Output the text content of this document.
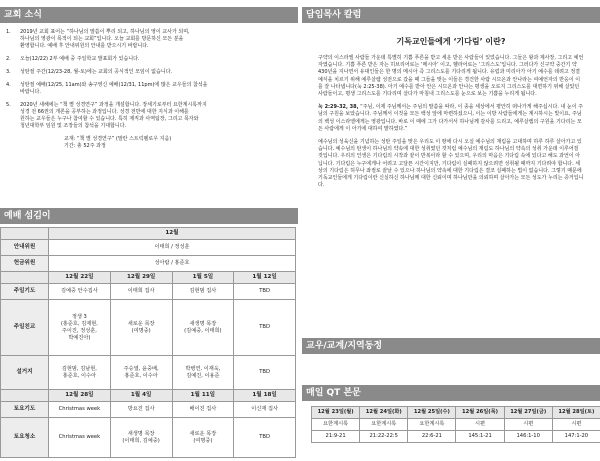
교회 소식
1.	2019년 교회 표어는 “하나님의 말씀이 뿌리 되고, 하나님의 영이 교사가 되며,
하나님의 영광이 목적이 되는 교회”입니다. 오늘 교회를 방문하신 모든 분을
환영합니다. 예배 후 안내위원의 안내를 받으시기 바랍니다.
2.	오늘(12/22) 2부 예배 중 주일학교 발표회가 있습니다.
3.	성탄절 주간(12/23-28, 월-토)에는 교회의 공식적인 모임이 없습니다.
4.	성탄절 예배(12/25, 11am)와 송구영신 예배(12/31, 11pm)에 많은 교우들의 참석을
바랍니다.
5.	2020년 새해에는 “책 별 성경연구” 과정을 개설합니다. 장세기로부터 요한계시록까지
성경 전 66권의 개론을 공부하는 과정입니다. 성경 전반에 대한 지식과 이해를
원하는 교우들은 누구나 참여할 수 있습니다. 특히 제직과 사역팀장, 그리고 목자와
청년대학부 임원 및 조장들의 참석을 기대합니다.
교재: “책 별 성경연구” (말란 스트릭펠로우 지음)
기간: 총 52주 과정
예배 섬김이
	12월			
안내위원	이태희 / 정성훈			
헌금위원	성아람 / 홍준호			
	12월 22일	12월 29일	1월 5일	1월 12일
주일기도	김예중 안수집사	이태희 집사	김현범 집사	TBD
주일친교	정생 3
(홍준호, 김재현,
주이진, 정성훈,
박예진아)	새로운 목장
(여명중)	새생명 목장
(김예중, 이태희)	TBD
설거지	김현범, 김남현,
홍준호, 이수아	주승열, 윤중배,
홍준호, 이수아	박병연, 이재욱,
김예진, 이용준	TBD
	12월 28일	1월 4일	1월 11일	1월 18일
토요기도	Christmas week	방요진 집사	배이진 집사	이신재 집사
토요청소	Christmas week	새생명 목장
(이태희, 김예중)	새로운 목장
(여명중)	TBD
담임목사 칼럼
기독교인들에게 ‘기다림’ 이란?

구약의 이스라엘 사람들 가운데 특별히 기쁨 푸른을 받고 세운 받은 사람들이 있었습니다. 그들은 왕과 제사장, 그리고 예언자였습니다. 기쁨 푸른 받은 자는 히브리어로는 ‘메시아’ 이고, 헬라어로는 ‘그리스도’입니다. 그러다가 신구약 중간기 약 430년을 지나면서 유대인들은 한 명의 메시아 즉 그리스도를 기다리게 됩니다. 유럽과 미리아가 아기 예수를 데려고 정결예식을 치르기 위해 예루살렘 성전으로 갔을 때 그들을 맞는 이들은 경건한 사람 시므온과 안나라는 여예언자의 반응이 이를 잘 나타냅니다(눅 2:25-38). 아기 예수를 받아 안은 시므온과 안나는 평생을 오로지 그리스도를 대면하기 위해 살았던 사람들이고, 평생 그리스도를 기다리며 살다가 마침내 그리스도를 눈으로 보는 기쁨을 누리게 됩니다.

눅 2:29-32, 38, “주님, 이제 주님께서는 주님의 말씀을 따라, 이 종을 세상에서 평안히 떠나가게 해주십시다. 내 눈이 주님의 구원을 보았습니다. 주님께서 이것을 모든 백성 앞에 마련하셨으니, 이는 이방 사람들에게는 계시하시는 빛이요, 주님의 백성 이스라엘에게는 영광입니다. 바로 이 때에 그가 다가서서 하나님께 감사를 드리고, 예루살렘의 구원을 기다리는 모든 사람에게 이 아기에 대하여 말하였다.”

예수님의 성육신을 기념하는 성탄 주일을 맞은 우리도 이 땅에 다시 오실 예수님의 재림을 고대하며 하루 하루 살아가고 있습니다. 예수님의 탄생이 하나님의 약속에 대한 성취였던 것처럼 예수님의 재림도 하나님의 약속의 성취 가운데 이루어질 것입니다. 우리의 인생은 기다림의 시작과 끝이 반복이라 할 수 있으며, 우리의 마음은 기다림 속에 있다고 해도 과언이 아닙니다. 기다림은 누구에게나 어려고 고달픈 시간이지만, 기다림이 실패하지 않으려면 성취될 때까지 기다려야 합니다. 세상의 기다림은 허무나 좌절로 끝날 수 있으나 하나님의 약속에 대한 기다림은 결코 실패하는 법이 없습니다. 그렇기 때문에 기독교인들에게 기다림이란 신실하신 하나님께 대한 신뢰이며 하나님만을 의뢰하며 살아가는 모든 성도가 누리는 증거입니다.

교우/교계/지역동정
매일 QT 본문
12월 23일(월)	12월 24일(화)	12월 25일(수)	12월 26일(목)	12월 27일(금)	12월 28일(토)
요한계시록	요한계시록	요한계시록	시편	시편	시편
21:9-21	21:22-22:5	22:6-21	145:1-21	146:1-10	147:1-20
